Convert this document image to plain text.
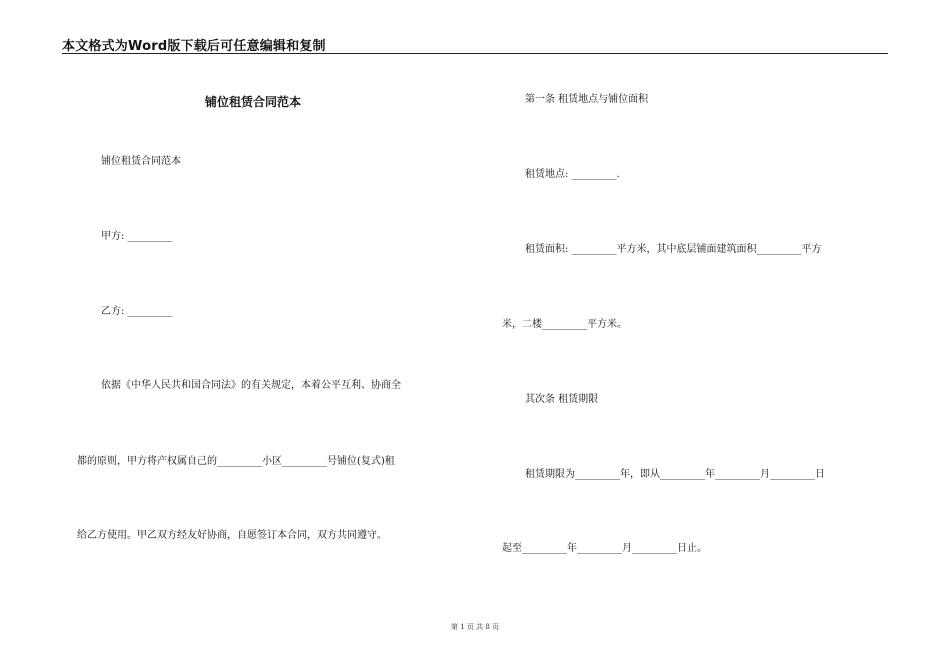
本文格式为Word版下载后可任意编辑和复制
铺位租赁合同范本
铺位租赁合同范本
甲方: _________
乙方: _________
依据《中华人民共和国合同法》的有关规定，本着公平互利、协商全
都的原则，甲方将产权属自己的_________小区_________号铺位(复式)租
给乙方使用。甲乙双方经友好协商，自愿签订本合同，双方共同遵守。
第一条 租赁地点与铺位面积
租赁地点: _________.
租赁面积: _________平方米，其中底层铺面建筑面积_________平方
米，二楼_________平方米。
其次条 租赁期限
租赁期限为_________年，即从_________年_________月_________日
起至_________年_________月_________日止。
第 1 页 共 8 页
